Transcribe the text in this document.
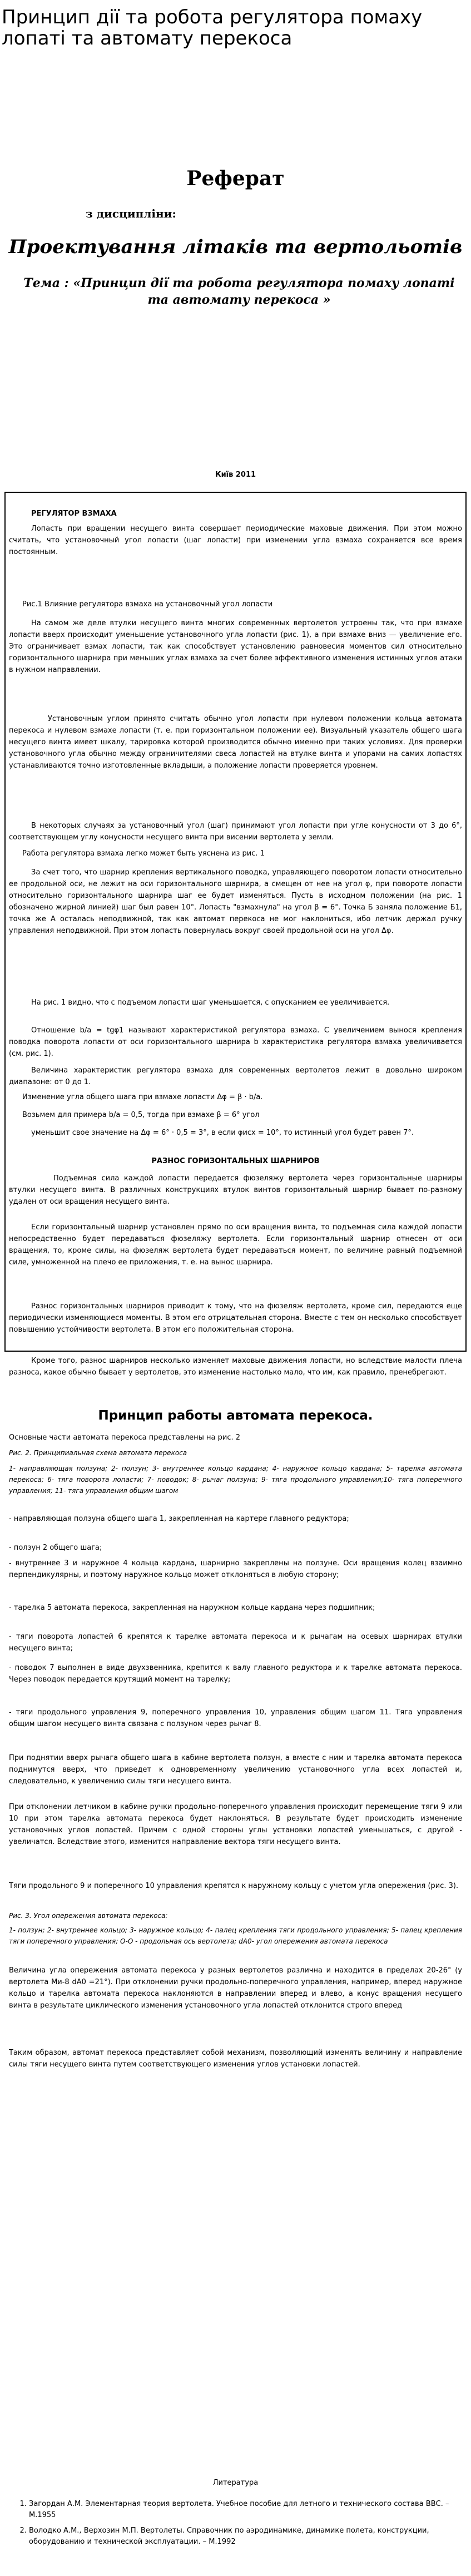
Принцип дії та робота регулятора помаху лопаті та автомату перекоса
Реферат
з дисципліни:
Проектування літаків та вертольотів
Тема : «Принцип дії та робота регулятора помаху лопаті та автомату перекоса »
Київ 2011
РЕГУЛЯТОР ВЗМАХА
Лопасть при вращении несущего винта совершает периодические маховые движения. При этом можно считать, что установочный угол лопасти (шаг лопасти) при изменении угла взмаха сохраняется все время постоянным.
Рис.1 Влияние регулятора взмаха на установочный угол лопасти
На самом же деле втулки несущего винта многих современных вертолетов устроены так, что при взмахе лопасти вверх происходит уменьшение установочного угла лопасти (рис. 1), а при взмахе вниз — увеличение его. Это ограничивает взмах лопасти, так как способствует установлению равновесия моментов сил относительно горизонтального шарнира при меньших углах взмаха за счет более эффективного изменения истинных углов атаки в нужном направлении.
Установочным углом принято считать обычно угол лопасти при нулевом положении кольца автомата перекоса и нулевом взмахе лопасти (т. е. при горизонтальном положении ее). Визуальный указатель общего шага несущего винта имеет шкалу, тарировка которой производится обычно именно при таких условиях. Для проверки установочного угла обычно между ограничителями свеса лопастей на втулке винта и упорами на самих лопастях устанавливаются точно изготовленные вкладыши, а положение лопасти проверяется уровнем.
В некоторых случаях за установочный угол (шаг) принимают угол лопасти при угле конусности от 3 до 6°, соответствующем углу конусности несущего винта при висении вертолета у земли.
Работа регулятора взмаха легко может быть уяснена из рис. 1
За счет того, что шарнир крепления вертикального поводка, управляющего поворотом лопасти относительно ее продольной оси, не лежит на оси горизонтального шарнира, а смещен от нее на угол φ, при повороте лопасти относительно горизонтального шарнира шаг ее будет изменяться. Пусть в исходном положении (на рис. 1 обозначено жирной линией) шаг был равен 10°. Лопасть "взмахнула" на угол β = 6°. Точка Б заняла положение Б1, точка же А осталась неподвижной, так как автомат перекоса не мог наклониться, ибо летчик держал ручку управления неподвижной. При этом лопасть повернулась вокруг своей продольной оси на угол Δφ.
На рис. 1 видно, что с подъемом лопасти шаг уменьшается, с опусканием ее увеличивается.
Отношение b/a = tgφ1 называют характеристикой регулятора взмаха. С увеличением вынося крепления поводка поворота лопасти от оси горизонтального шарнира b характеристика регулятора взмаха увеличивается (см. рис. 1).
Величина характеристик регулятора взмаха для современных вертолетов лежит в довольно широком диапазоне: от 0 до 1.
Изменение угла общего шага при взмахе лопасти Δφ = β · b/a.
Возьмем для примера b/a = 0,5, тогда при взмахе β = 6° угол
уменьшит свое значение на Δφ = 6° · 0,5 = 3°, в если φисх = 10°, то истинный угол будет равен 7°.
РАЗНОС ГОРИЗОНТАЛЬНЫХ ШАРНИРОВ
Подъемная сила каждой лопасти передается фюзеляжу вертолета через горизонтальные шарниры втулки несущего винта. В различных конструкциях втулок винтов горизонтальный шарнир бывает по-разному удален от оси вращения несущего винта.
Если горизонтальный шарнир установлен прямо по оси вращения винта, то подъемная сила каждой лопасти непосредственно будет передаваться фюзеляжу вертолета. Если горизонтальный шарнир отнесен от оси вращения, то, кроме силы, на фюзеляж вертолета будет передаваться момент, по величине равный подъемной силе, умноженной на плечо ее приложения, т. е. на вынос шарнира.
Разнос горизонтальных шарниров приводит к тому, что на фюзеляж вертолета, кроме сил, передаются еще периодически изменяющиеся моменты. В этом его отрицательная сторона. Вместе с тем он несколько способствует повышению устойчивости вертолета. В этом его положительная сторона.
Кроме того, разнос шарниров несколько изменяет маховые движения лопасти, но вследствие малости плеча разноса, какое обычно бывает у вертолетов, это изменение настолько мало, что им, как правило, пренебрегают.
Принцип работы автомата перекоса.
Основные части автомата перекоса представлены на рис. 2
Рис. 2. Принципиальная схема автомата перекоса
1- направляющая ползуна; 2- ползун; 3- внутреннее кольцо кардана; 4- наружное кольцо кардана; 5- тарелка автомата перекоса; 6- тяга поворота лопасти; 7- поводок; 8- рычаг ползуна; 9- тяга продольного управления;10- тяга поперечного управления; 11- тяга управления общим шагом
- направляющая ползуна общего шага 1, закрепленная на картере главного редуктора;
- ползун 2 общего шага;
- внутреннее 3 и наружное 4 кольца кардана, шарнирно закреплены на ползуне. Оси вращения колец взаимно перпендикулярны, и поэтому наружное кольцо может отклоняться в любую сторону;
- тарелка 5 автомата перекоса, закрепленная на наружном кольце кардана через подшипник;
- тяги поворота лопастей 6 крепятся к тарелке автомата перекоса и к рычагам на осевых шарнирах втулки несущего винта;
- поводок 7 выполнен в виде двухзвенника, крепится к валу главного редуктора и к тарелке автомата перекоса. Через поводок передается крутящий момент на тарелку;
- тяги продольного управления 9, поперечного управления 10, управления общим шагом 11. Тяга управления общим шагом несущего винта связана с ползуном через рычаг 8.
При поднятии вверх рычага общего шага в кабине вертолета ползун, а вместе с ним и тарелка автомата перекоса поднимутся вверх, что приведет к одновременному увеличению установочного угла всех лопастей и, следовательно, к увеличению силы тяги несущего винта.
При отклонении летчиком в кабине ручки продольно-поперечного управления происходит перемещение тяги 9 или 10 при этом тарелка автомата перекоса будет наклоняться. В результате будет происходить изменение установочных углов лопастей. Причем с одной стороны углы установки лопастей уменьшаться, с другой - увеличатся. Вследствие этого, изменится направление вектора тяги несущего винта.
Тяги продольного 9 и поперечного 10 управления крепятся к наружному кольцу с учетом угла опережения (рис. 3).
Рис. 3. Угол опережения автомата перекоса:
1- ползун; 2- внутреннее кольцо; 3- наружное кольцо; 4- палец крепления тяги продольного управления; 5- палец крепления тяги поперечного управления; О-О - продольная ось вертолета; dА0- угол опережения автомата перекоса
Величина угла опережения автомата перекоса у разных вертолетов различна и находится в пределах 20-26° (у вертолета Ми-8 dА0 =21°). При отклонении ручки продольно-поперечного управления, например, вперед наружное кольцо и тарелка автомата перекоса наклоняются в направлении вперед и влево, а конус вращения несущего винта в результате циклического изменения установочного угла лопастей отклонится строго вперед
Таким образом, автомат перекоса представляет собой механизм, позволяющий изменять величину и направление силы тяги несущего винта путем соответствующего изменения углов установки лопастей.
Литература
1. Загордан А.М. Элементарная теория вертолета. Учебное пособие для летного и технического состава ВВС. – М.1955
2. Володко А.М., Верхозин М.П. Вертолеты. Справочник по аэродинамике, динамике полета, конструкции, оборудованию и технической эксплуатации. – М.1992
